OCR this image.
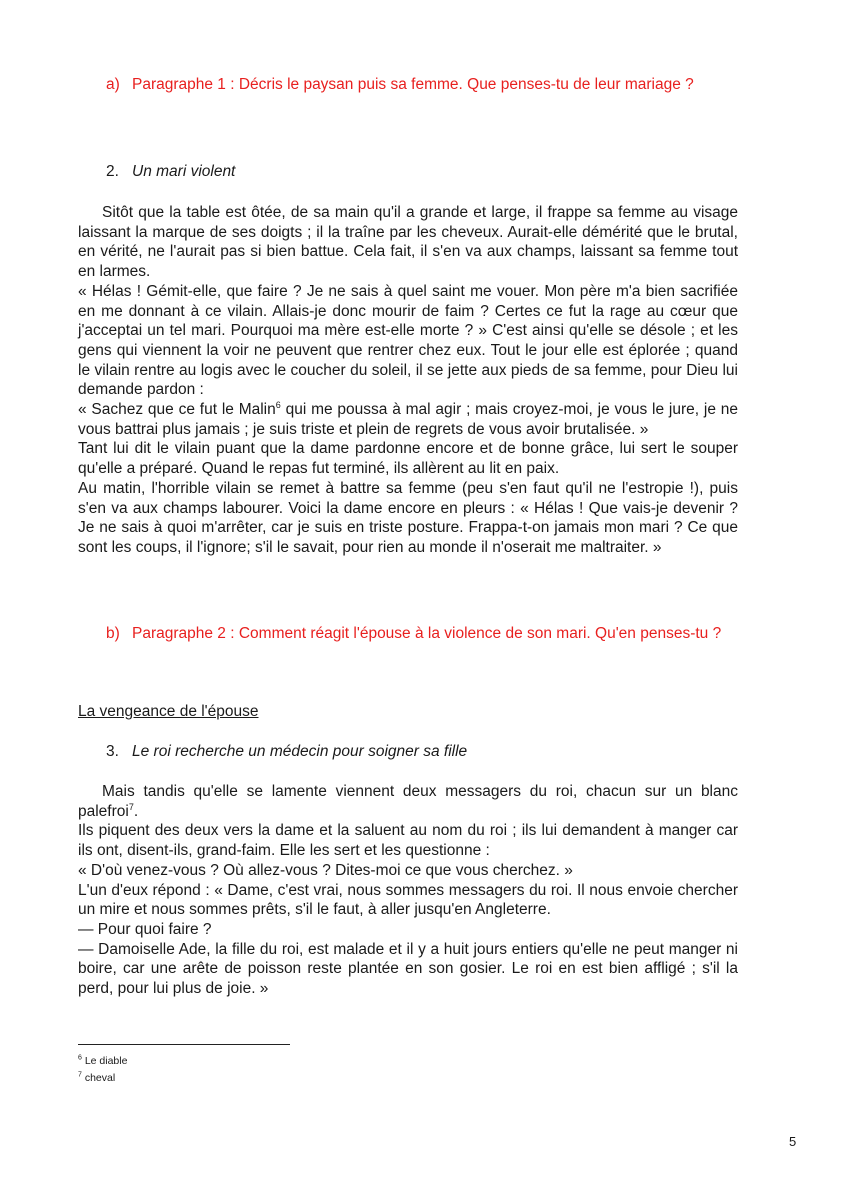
a) Paragraphe 1 : Décris le paysan puis sa femme. Que penses-tu de leur mariage ?
2. Un mari violent

Sitôt que la table est ôtée, de sa main qu'il a grande et large, il frappe sa femme au visage laissant la marque de ses doigts ; il la traîne par les cheveux. Aurait-elle démérité que le brutal, en vérité, ne l'aurait pas si bien battue. Cela fait, il s'en va aux champs, laissant sa femme tout en larmes.

« Hélas ! Gémit-elle, que faire ? Je ne sais à quel saint me vouer. Mon père m'a bien sacrifiée en me donnant à ce vilain. Allais-je donc mourir de faim ? Certes ce fut la rage au cœur que j'acceptai un tel mari. Pourquoi ma mère est-elle morte ? » C'est ainsi qu'elle se désole ; et les gens qui viennent la voir ne peuvent que rentrer chez eux. Tout le jour elle est éplorée ; quand le vilain rentre au logis avec le coucher du soleil, il se jette aux pieds de sa femme, pour Dieu lui demande pardon :

« Sachez que ce fut le Malin$^6$ qui me poussa à mal agir ; mais croyez-moi, je vous le jure, je ne vous battrai plus jamais ; je suis triste et plein de regrets de vous avoir brutalisée. »

Tant lui dit le vilain puant que la dame pardonne encore et de bonne grâce, lui sert le souper qu'elle a préparé. Quand le repas fut terminé, ils allèrent au lit en paix.

Au matin, l'horrible vilain se remet à battre sa femme (peu s'en faut qu'il ne l'estropie !), puis s'en va aux champs labourer. Voici la dame encore en pleurs : « Hélas ! Que vais-je devenir ? Je ne sais à quoi m'arrêter, car je suis en triste posture. Frappa-t-on jamais mon mari ? Ce que sont les coups, il l'ignore; s'il le savait, pour rien au monde il n'oserait me maltraiter. »

b) Paragraphe 2 : Comment réagit l'épouse à la violence de son mari. Qu'en penses-tu ?
La vengeance de l'épouse
3. Le roi recherche un médecin pour soigner sa fille

Mais tandis qu'elle se lamente viennent deux messagers du roi, chacun sur un blanc palefroi$^7$.

Ils piquent des deux vers la dame et la saluent au nom du roi ; ils lui demandent à manger car ils ont, disent-ils, grand-faim. Elle les sert et les questionne :

« D'où venez-vous ? Où allez-vous ? Dites-moi ce que vous cherchez. »

L'un d'eux répond : « Dame, c'est vrai, nous sommes messagers du roi. Il nous envoie chercher un mire et nous sommes prêts, s'il le faut, à aller jusqu'en Angleterre.

— Pour quoi faire ?

— Damoiselle Ade, la fille du roi, est malade et il y a huit jours entiers qu'elle ne peut manger ni boire, car une arête de poisson reste plantée en son gosier. Le roi en est bien affligé ; s'il la perd, pour lui plus de joie. »

$^6$ Le diable
$^7$ cheval
5
